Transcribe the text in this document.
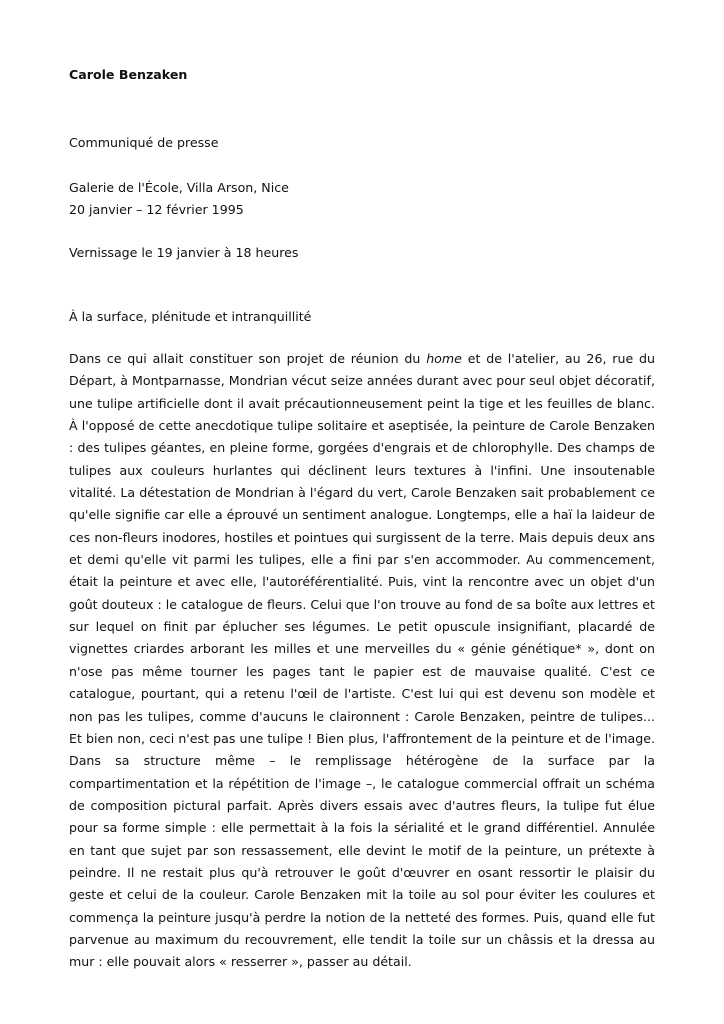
Carole Benzaken

Communiqué de presse

Galerie de l'École, Villa Arson, Nice

20 janvier – 12 février 1995

Vernissage le 19 janvier à 18 heures

À la surface, plénitude et intranquillité

Dans ce qui allait constituer son projet de réunion du home et de l'atelier, au 26, rue du Départ, à Montparnasse, Mondrian vécut seize années durant avec pour seul objet décoratif, une tulipe artificielle dont il avait précautionneusement peint la tige et les feuilles de blanc. À l'opposé de cette anecdotique tulipe solitaire et aseptisée, la peinture de Carole Benzaken : des tulipes géantes, en pleine forme, gorgées d'engrais et de chlorophylle. Des champs de tulipes aux couleurs hurlantes qui déclinent leurs textures à l'infini. Une insoutenable vitalité. La détestation de Mondrian à l'égard du vert, Carole Benzaken sait probablement ce qu'elle signifie car elle a éprouvé un sentiment analogue. Longtemps, elle a haï la laideur de ces non-fleurs inodores, hostiles et pointues qui surgissent de la terre. Mais depuis deux ans et demi qu'elle vit parmi les tulipes, elle a fini par s'en accommoder. Au commencement, était la peinture et avec elle, l'autoréférentialité. Puis, vint la rencontre avec un objet d'un goût douteux : le catalogue de fleurs. Celui que l'on trouve au fond de sa boîte aux lettres et sur lequel on finit par éplucher ses légumes. Le petit opuscule insignifiant, placardé de vignettes criardes arborant les milles et une merveilles du « génie génétique* », dont on n'ose pas même tourner les pages tant le papier est de mauvaise qualité. C'est ce catalogue, pourtant, qui a retenu l'œil de l'artiste. C'est lui qui est devenu son modèle et non pas les tulipes, comme d'aucuns le claironnent : Carole Benzaken, peintre de tulipes... Et bien non, ceci n'est pas une tulipe ! Bien plus, l'affrontement de la peinture et de l'image. Dans sa structure même – le remplissage hétérogène de la surface par la compartimentation et la répétition de l'image –, le catalogue commercial offrait un schéma de composition pictural parfait. Après divers essais avec d'autres fleurs, la tulipe fut élue pour sa forme simple : elle permettait à la fois la sérialité et le grand différentiel. Annulée en tant que sujet par son ressassement, elle devint le motif de la peinture, un prétexte à peindre. Il ne restait plus qu'à retrouver le goût d'œuvrer en osant ressortir le plaisir du geste et celui de la couleur. Carole Benzaken mit la toile au sol pour éviter les coulures et commença la peinture jusqu'à perdre la notion de la netteté des formes. Puis, quand elle fut parvenue au maximum du recouvrement, elle tendit la toile sur un châssis et la dressa au mur : elle pouvait alors « resserrer », passer au détail.
